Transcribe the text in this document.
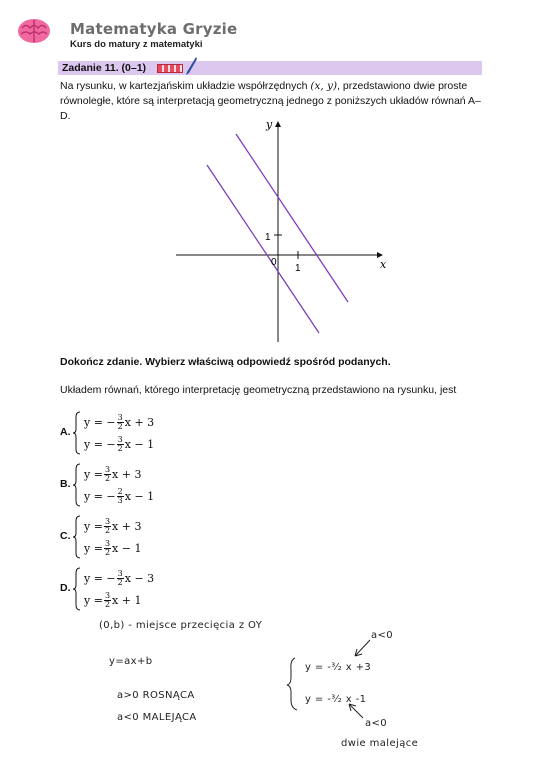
Matematyka Gryzie
Kurs do matury z matematyki
Zadanie 11. (0–1)
Na rysunku, w kartezjańskim układzie współrzędnych (x, y), przedstawiono dwie proste równoległe, które są interpretacją geometryczną jednego z poniższych układów równań A–D.
y
x
0
1
1
Dokończ zdanie. Wybierz właściwą odpowiedź spośród podanych.
Układem równań, którego interpretację geometryczną przedstawiono na rysunku, jest
A.
y = − $\frac{3}{2}$ x + 3
y = − $\frac{3}{2}$ x − 1
B.
$y = \frac{3}{2}$ x + 3
y = − $\frac{2}{3}$ x − 1
C.
$y = \frac{3}{2}$ x + 3
$y = \frac{3}{2}$ x − 1
D.
y = − $\frac{3}{2}$ x − 3
$y = \frac{3}{2}$ x + 1
(0,b) - miejsce przecięcia z OY
y=ax+b
a>0 ROSNĄCA
a<0 MALEJĄCA
y = -³⁄₂ x +3
y = -³⁄₂ x -1
a<0
a<0
dwie malejące
